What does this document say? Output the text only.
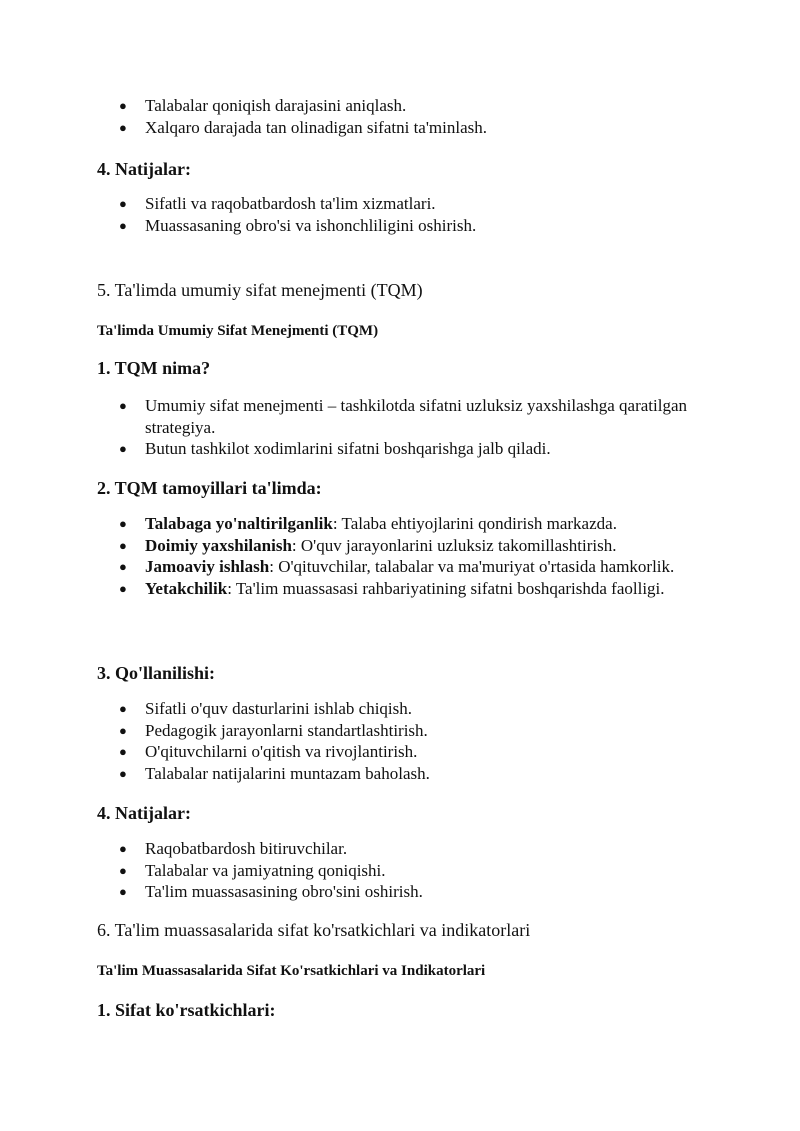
● Talabalar qoniqish darajasini aniqlash.
● Xalqaro darajada tan olinadigan sifatni ta'minlash.
4. Natijalar:
● Sifatli va raqobatbardosh ta'lim xizmatlari.
● Muassasaning obro'si va ishonchliligini oshirish.
5. Ta'limda umumiy sifat menejmenti (TQM)
Ta'limda Umumiy Sifat Menejmenti (TQM)
1. TQM nima?
● Umumiy sifat menejmenti – tashkilotda sifatni uzluksiz yaxshilashga qaratilgan strategiya.
● Butun tashkilot xodimlarini sifatni boshqarishga jalb qiladi.
2. TQM tamoyillari ta'limda:
● Talabaga yo'naltirilganlik: Talaba ehtiyojlarini qondirish markazda.
● Doimiy yaxshilanish: O'quv jarayonlarini uzluksiz takomillashtirish.
● Jamoaviy ishlash: O'qituvchilar, talabalar va ma'muriyat o'rtasida hamkorlik.
● Yetakchilik: Ta'lim muassasasi rahbariyatining sifatni boshqarishda faolligi.
3. Qo'llanilishi:
● Sifatli o'quv dasturlarini ishlab chiqish.
● Pedagogik jarayonlarni standartlashtirish.
● O'qituvchilarni o'qitish va rivojlantirish.
● Talabalar natijalarini muntazam baholash.
4. Natijalar:
● Raqobatbardosh bitiruvchilar.
● Talabalar va jamiyatning qoniqishi.
● Ta'lim muassasasining obro'sini oshirish.
6. Ta'lim muassasalarida sifat ko'rsatkichlari va indikatorlari
Ta'lim Muassasalarida Sifat Ko'rsatkichlari va Indikatorlari
1. Sifat ko'rsatkichlari:
